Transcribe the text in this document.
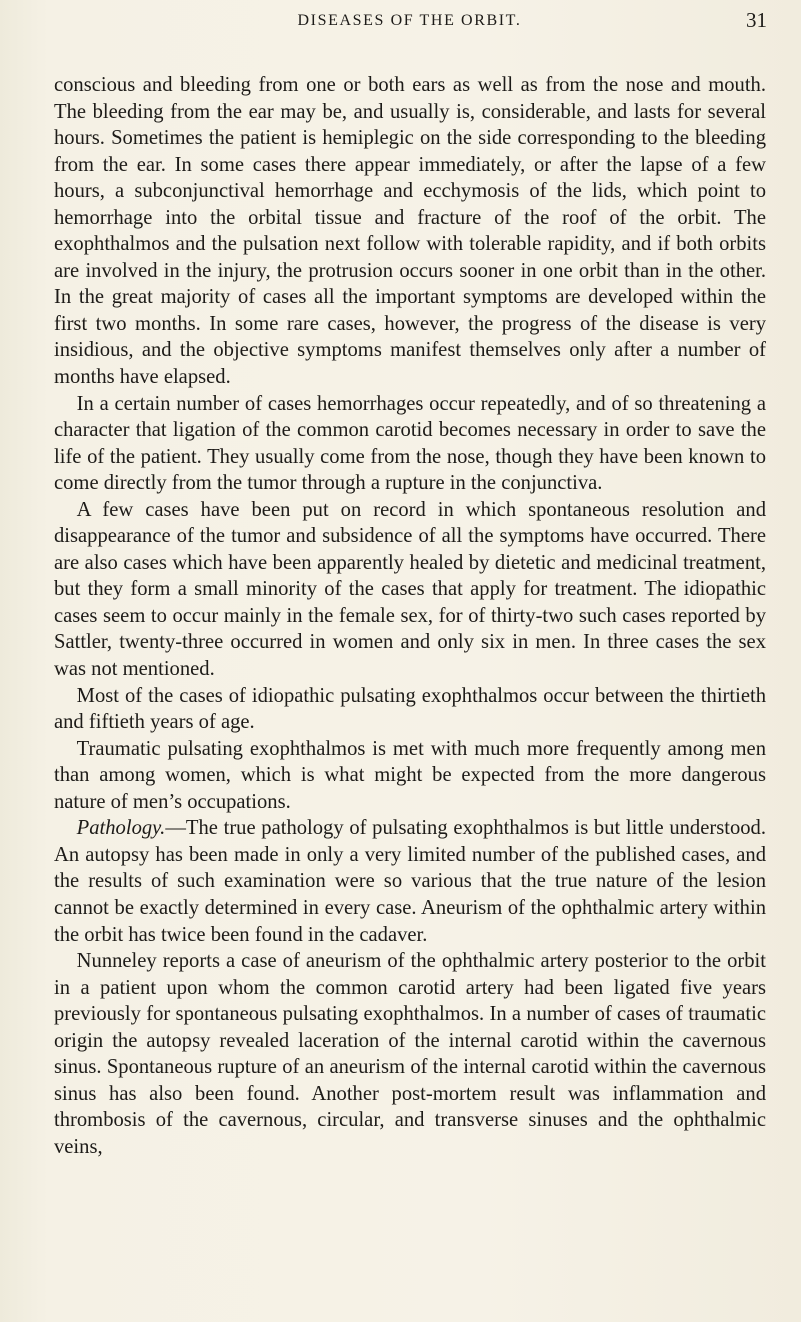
DISEASES OF THE ORBIT.	31

conscious and bleeding from one or both ears as well as from the nose and mouth. The bleeding from the ear may be, and usually is, considerable, and lasts for several hours. Sometimes the patient is hemiplegic on the side corresponding to the bleeding from the ear. In some cases there appear immediately, or after the lapse of a few hours, a subconjunctival hemorrhage and ecchymosis of the lids, which point to hemorrhage into the orbital tissue and fracture of the roof of the orbit. The exophthalmos and the pulsation next follow with tolerable rapidity, and if both orbits are involved in the injury, the protrusion occurs sooner in one orbit than in the other. In the great majority of cases all the important symptoms are developed within the first two months. In some rare cases, however, the progress of the disease is very insidious, and the objective symptoms manifest themselves only after a number of months have elapsed.

In a certain number of cases hemorrhages occur repeatedly, and of so threatening a character that ligation of the common carotid becomes necessary in order to save the life of the patient. They usually come from the nose, though they have been known to come directly from the tumor through a rupture in the conjunctiva.

A few cases have been put on record in which spontaneous resolution and disappearance of the tumor and subsidence of all the symptoms have occurred. There are also cases which have been apparently healed by dietetic and medicinal treatment, but they form a small minority of the cases that apply for treatment. The idiopathic cases seem to occur mainly in the female sex, for of thirty-two such cases reported by Sattler, twenty-three occurred in women and only six in men. In three cases the sex was not mentioned.

Most of the cases of idiopathic pulsating exophthalmos occur between the thirtieth and fiftieth years of age.

Traumatic pulsating exophthalmos is met with much more frequently among men than among women, which is what might be expected from the more dangerous nature of men’s occupations.

Pathology.—The true pathology of pulsating exophthalmos is but little understood. An autopsy has been made in only a very limited number of the published cases, and the results of such examination were so various that the true nature of the lesion cannot be exactly determined in every case. Aneurism of the ophthalmic artery within the orbit has twice been found in the cadaver.

Nunneley reports a case of aneurism of the ophthalmic artery posterior to the orbit in a patient upon whom the common carotid artery had been ligated five years previously for spontaneous pulsating exophthalmos. In a number of cases of traumatic origin the autopsy revealed laceration of the internal carotid within the cavernous sinus. Spontaneous rupture of an aneurism of the internal carotid within the cavernous sinus has also been found. Another post-mortem result was inflammation and thrombosis of the cavernous, circular, and transverse sinuses and the ophthalmic veins,
